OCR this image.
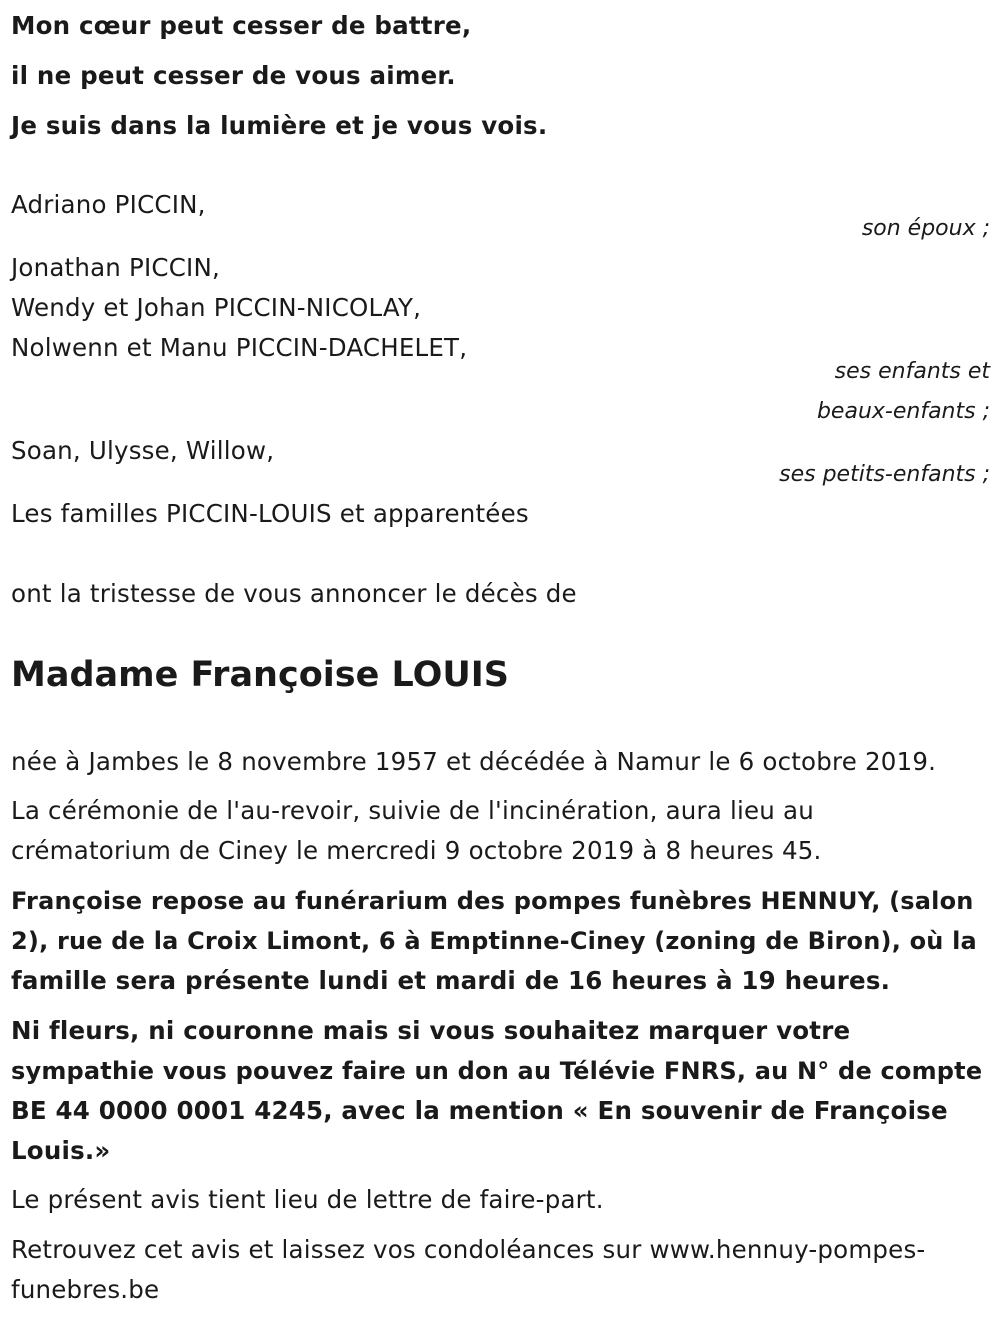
Mon cœur peut cesser de battre,
il ne peut cesser de vous aimer.
Je suis dans la lumière et je vous vois.
Adriano PICCIN,
son époux ;
Jonathan PICCIN,
Wendy et Johan PICCIN-NICOLAY,
Nolwenn et Manu PICCIN-DACHELET,
ses enfants et
beaux-enfants ;
Soan, Ulysse, Willow,
ses petits-enfants ;
Les familles PICCIN-LOUIS et apparentées
ont la tristesse de vous annoncer le décès de
Madame Françoise LOUIS
née à Jambes le 8 novembre 1957 et décédée à Namur le 6 octobre 2019.
La cérémonie de l'au-revoir, suivie de l'incinération, aura lieu au
crématorium de Ciney le mercredi 9 octobre 2019 à 8 heures 45.
Françoise repose au funérarium des pompes funèbres HENNUY, (salon
2), rue de la Croix Limont, 6 à Emptinne-Ciney (zoning de Biron), où la
famille sera présente lundi et mardi de 16 heures à 19 heures.
Ni fleurs, ni couronne mais si vous souhaitez marquer votre
sympathie vous pouvez faire un don au Télévie FNRS, au N° de compte
BE 44 0000 0001 4245, avec la mention « En souvenir de Françoise
Louis.»
Le présent avis tient lieu de lettre de faire-part.
Retrouvez cet avis et laissez vos condoléances sur www.hennuy-pompes-
funebres.be
